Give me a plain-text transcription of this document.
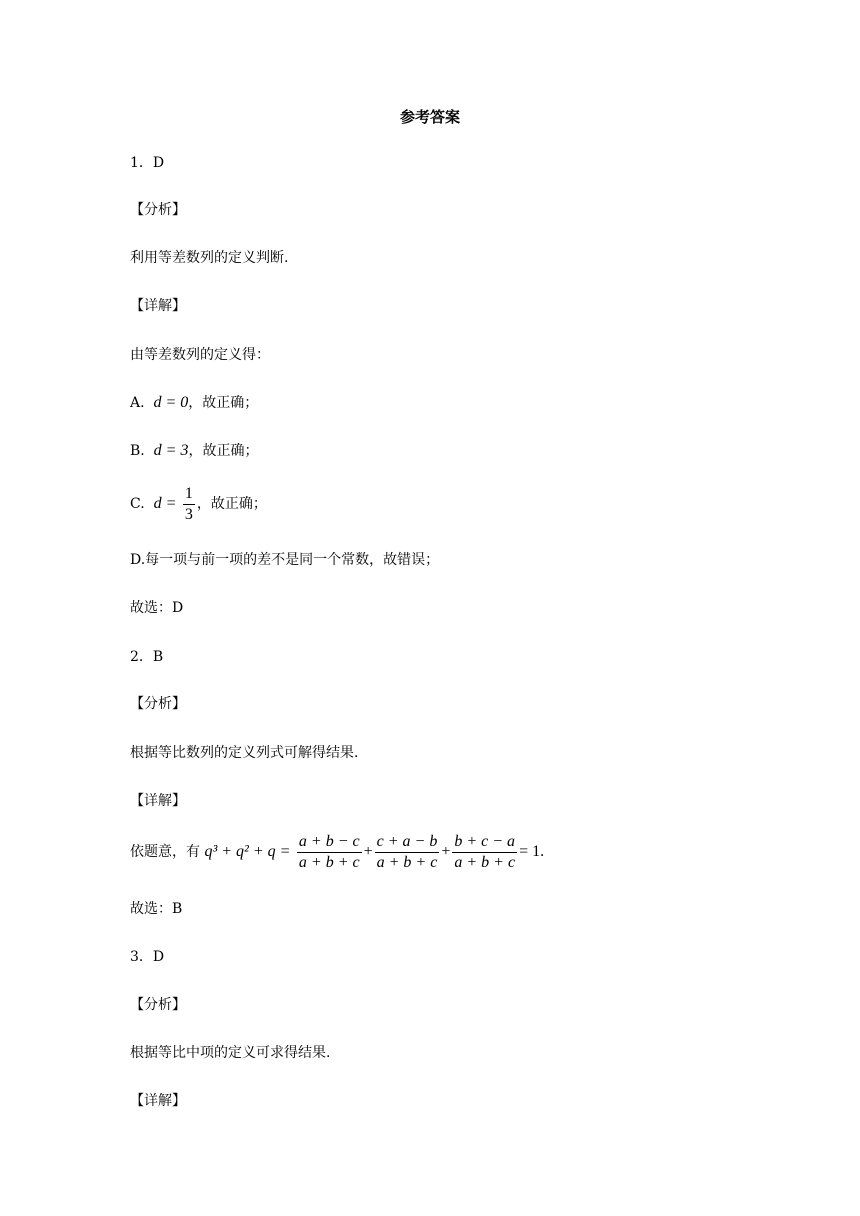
参考答案
1．D
【分析】
利用等差数列的定义判断.
【详解】
由等差数列的定义得：
A. d = 0，故正确；
B. d = 3，故正确；
C. $d = \frac{1}{3}$ ，故正确；
D.每一项与前一项的差不是同一个常数，故错误；
故选：D
2．B
【分析】
根据等比数列的定义列式可解得结果.
【详解】
依题意，有 $q^3 + q^2 + q = \frac{a + b - c}{a + b + c} + \frac{c + a - b}{a + b + c} + \frac{b + c - a}{a + b + c} = 1$.
故选：B
3．D
【分析】
根据等比中项的定义可求得结果.
【详解】
